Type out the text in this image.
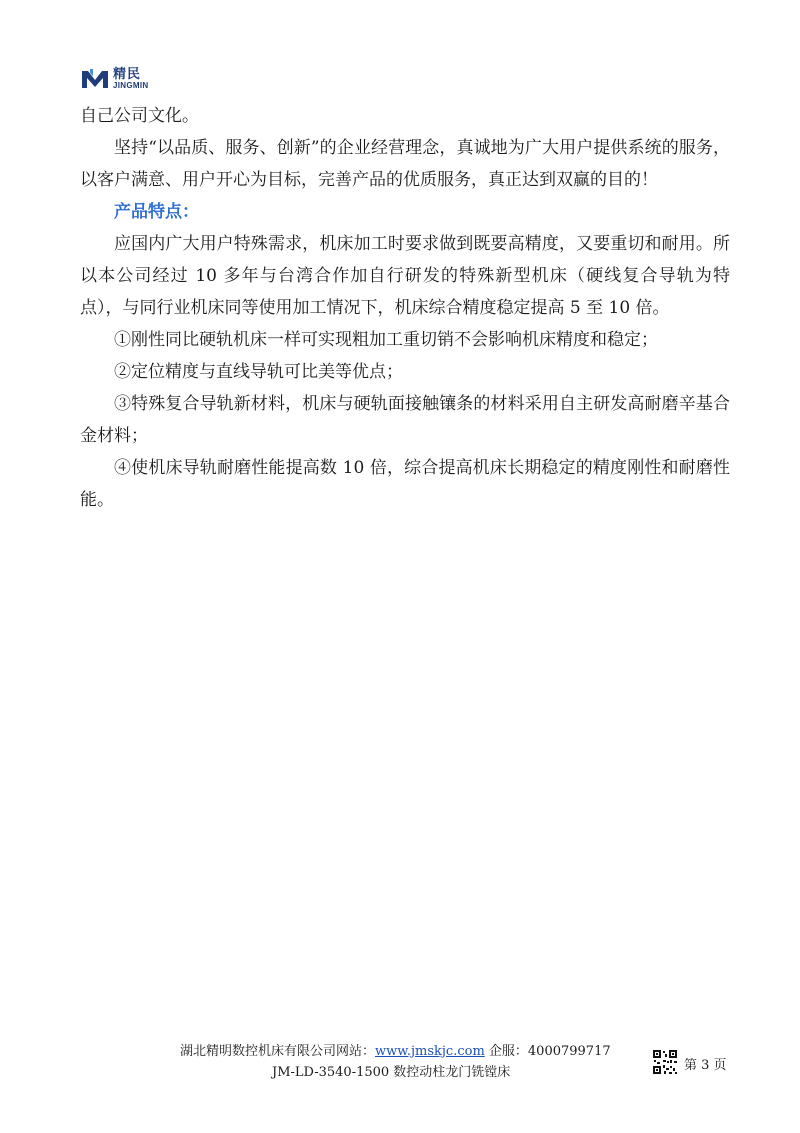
精民
JINGMIN

自己公司文化。

坚持“以品质、服务、创新”的企业经营理念，真诚地为广大用户提供系统的服务，以客户满意、用户开心为目标，完善产品的优质服务，真正达到双赢的目的！

产品特点：

应国内广大用户特殊需求，机床加工时要求做到既要高精度，又要重切和耐用。所以本公司经过 10 多年与台湾合作加自行研发的特殊新型机床（硬线复合导轨为特点），与同行业机床同等使用加工情况下，机床综合精度稳定提高 5 至 10 倍。

①刚性同比硬轨机床一样可实现粗加工重切销不会影响机床精度和稳定；

②定位精度与直线导轨可比美等优点；

③特殊复合导轨新材料，机床与硬轨面接触镶条的材料采用自主研发高耐磨辛基合金材料；

④使机床导轨耐磨性能提高数 10 倍，综合提高机床长期稳定的精度刚性和耐磨性能。

湖北精明数控机床有限公司网站：www.jmskjc.com 企服：4000799717
JM-LD-3540-1500 数控动柱龙门铣镗床	第 3 页
